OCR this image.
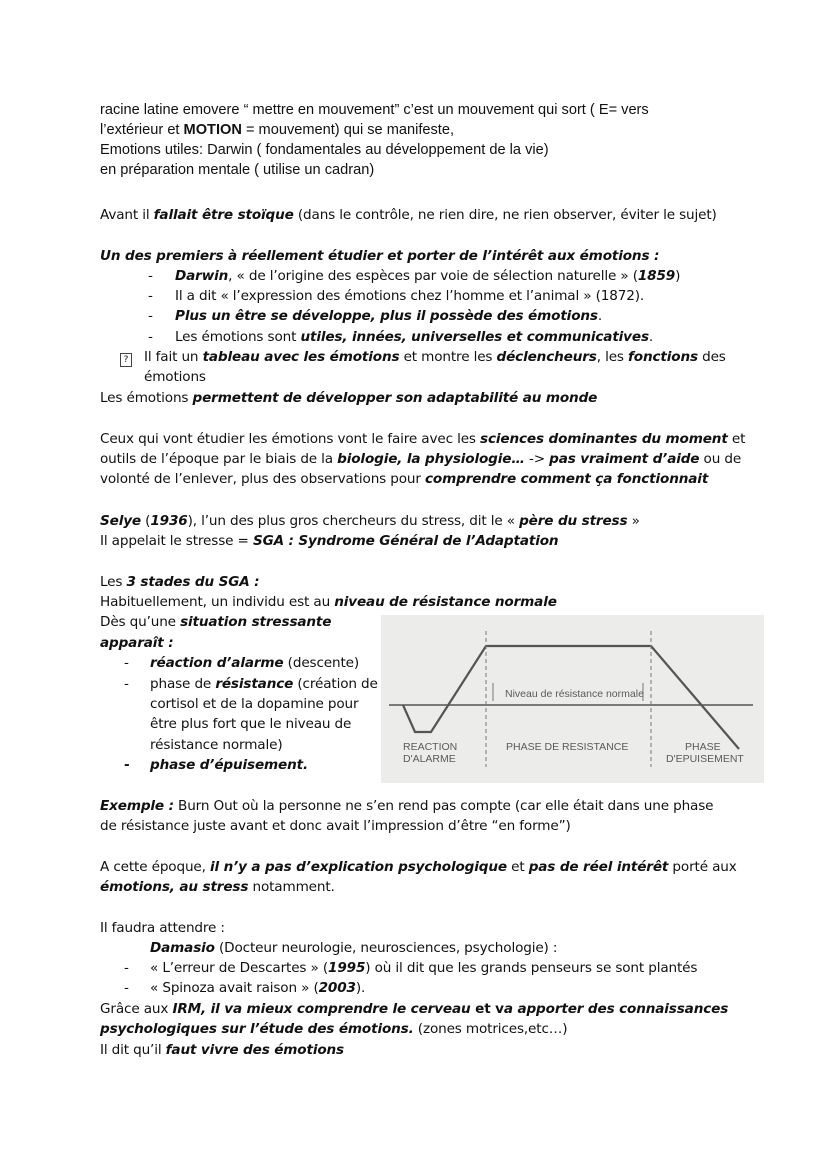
racine latine emovere “ mettre en mouvement” c’est un mouvement qui sort ( E= vers
l’extérieur et MOTION = mouvement) qui se manifeste,
Emotions utiles: Darwin ( fondamentales au développement de la vie)
en préparation mentale ( utilise un cadran)
Avant il fallait être stoïque (dans le contrôle, ne rien dire, ne rien observer, éviter le sujet)
Un des premiers à réellement étudier et porter de l’intérêt aux émotions :
-	Darwin, « de l’origine des espèces par voie de sélection naturelle » (1859)
-	Il a dit « l’expression des émotions chez l’homme et l’animal » (1872).
-	Plus un être se développe, plus il possède des émotions.
-	Les émotions sont utiles, innées, universelles et communicatives.
? Il fait un tableau avec les émotions et montre les déclencheurs, les fonctions des
émotions
Les émotions permettent de développer son adaptabilité au monde
Ceux qui vont étudier les émotions vont le faire avec les sciences dominantes du moment et
outils de l’époque par le biais de la biologie, la physiologie… -> pas vraiment d’aide ou de
volonté de l’enlever, plus des observations pour comprendre comment ça fonctionnait
Selye (1936), l’un des plus gros chercheurs du stress, dit le « père du stress »
Il appelait le stresse = SGA : Syndrome Général de l’Adaptation
Les 3 stades du SGA :
Habituellement, un individu est au niveau de résistance normale
Dès qu’une situation stressante
apparaît :
-	réaction d’alarme (descente)
-	phase de résistance (création de
cortisol et de la dopamine pour
être plus fort que le niveau de
résistance normale)
-	phase d’épuisement.
Niveau de résistance normale
REACTION
D'ALARME
PHASE DE RESISTANCE	PHASE
D'EPUISEMENT
Exemple : Burn Out où la personne ne s’en rend pas compte (car elle était dans une phase
de résistance juste avant et donc avait l’impression d’être “en forme”)
A cette époque, il n’y a pas d’explication psychologique et pas de réel intérêt porté aux
émotions, au stress notamment.
Il faudra attendre :
Damasio (Docteur neurologie, neurosciences, psychologie) :
-	« L’erreur de Descartes » (1995) où il dit que les grands penseurs se sont plantés
-	« Spinoza avait raison » (2003).
Grâce aux IRM, il va mieux comprendre le cerveau et va apporter des connaissances
psychologiques sur l’étude des émotions. (zones motrices,etc…)
Il dit qu’il faut vivre des émotions
